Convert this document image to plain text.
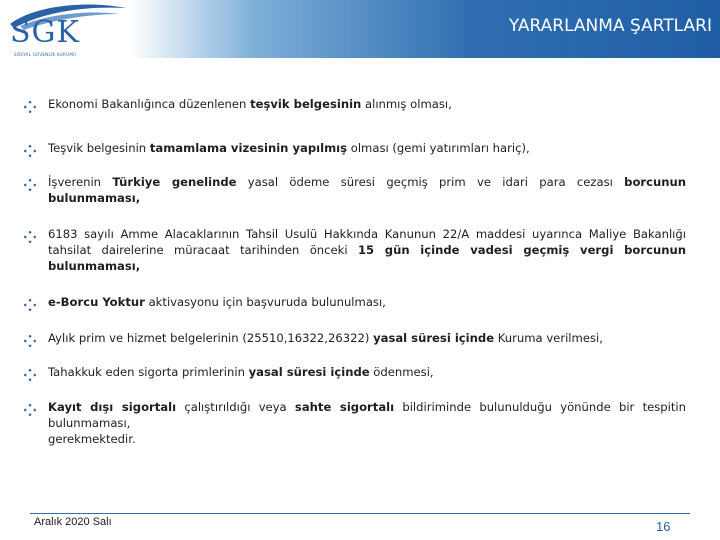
SGK
SOSYAL GÜVENLİK KURUMU
YARARLANMA ŞARTLARI
Ekonomi Bakanlığınca düzenlenen teşvik belgesinin alınmış olması,
Teşvik belgesinin tamamlama vizesinin yapılmış olması (gemi yatırımları hariç),
İşverenin Türkiye genelinde yasal ödeme süresi geçmiş prim ve idari para cezası borcunun bulunmaması,
6183 sayılı Amme Alacaklarının Tahsil Usulü Hakkında Kanunun 22/A maddesi uyarınca Maliye Bakanlığı tahsilat dairelerine müracaat tarihinden önceki 15 gün içinde vadesi geçmiş vergi borcunun bulunmaması,
e-Borcu Yoktur aktivasyonu için başvuruda bulunulması,
Aylık prim ve hizmet belgelerinin (25510,16322,26322) yasal süresi içinde Kuruma verilmesi,
Tahakkuk eden sigorta primlerinin yasal süresi içinde ödenmesi,
Kayıt dışı sigortalı çalıştırıldığı veya sahte sigortalı bildiriminde bulunulduğu yönünde bir tespitin bulunmaması,
gerekmektedir.
Aralık 2020 Salı	16
